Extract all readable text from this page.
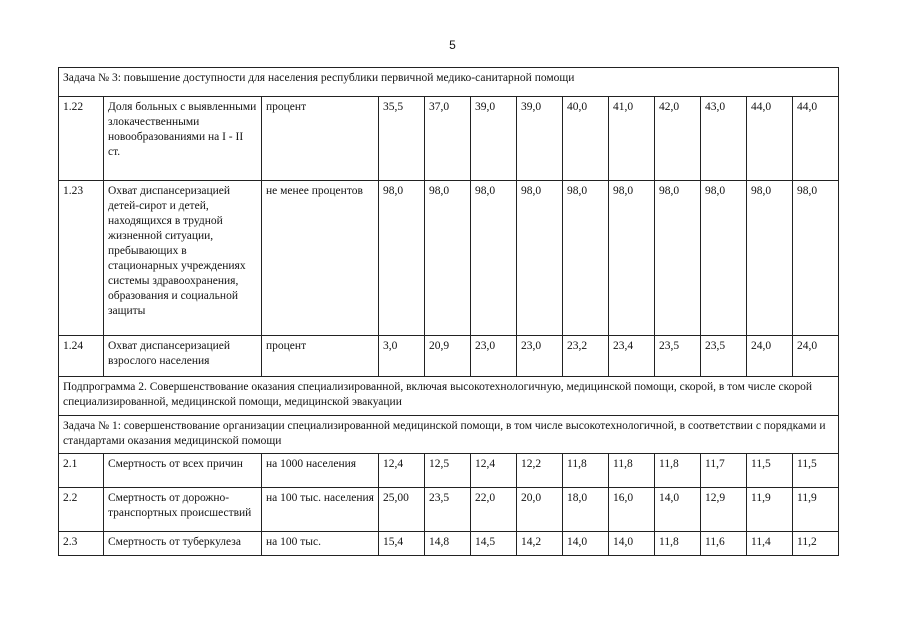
5
Задача № 3: повышение доступности для населения республики первичной медико-санитарной помощи												
1.22	Доля больных с выявленными злокачественными новообразованиями на I - II ст.	процент	35,5	37,0	39,0	39,0	40,0	41,0	42,0	43,0	44,0	44,0
1.23	Охват диспансеризацией детей-сирот и детей, находящихся в трудной жизненной ситуации, пребывающих в стационарных учреждениях системы здравоохранения, образования и социальной защиты	не менее процентов	98,0	98,0	98,0	98,0	98,0	98,0	98,0	98,0	98,0	98,0
1.24	Охват диспансеризацией взрослого населения	процент	3,0	20,9	23,0	23,0	23,2	23,4	23,5	23,5	24,0	24,0
Подпрограмма 2. Совершенствование оказания специализированной, включая высокотехнологичную, медицинской помощи, скорой, в том числе скорой специализированной, медицинской помощи, медицинской эвакуации												
Задача № 1: совершенствование организации специализированной медицинской помощи, в том числе высокотехнологичной, в соответствии с порядками и стандартами оказания медицинской помощи												
2.1	Смертность от всех причин	на 1000 населения	12,4	12,5	12,4	12,2	11,8	11,8	11,8	11,7	11,5	11,5
2.2	Смертность от дорожно-транспортных происшествий	на 100 тыс. населения	25,00	23,5	22,0	20,0	18,0	16,0	14,0	12,9	11,9	11,9
2.3	Смертность от туберкулеза	на 100 тыс.	15,4	14,8	14,5	14,2	14,0	14,0	11,8	11,6	11,4	11,2
